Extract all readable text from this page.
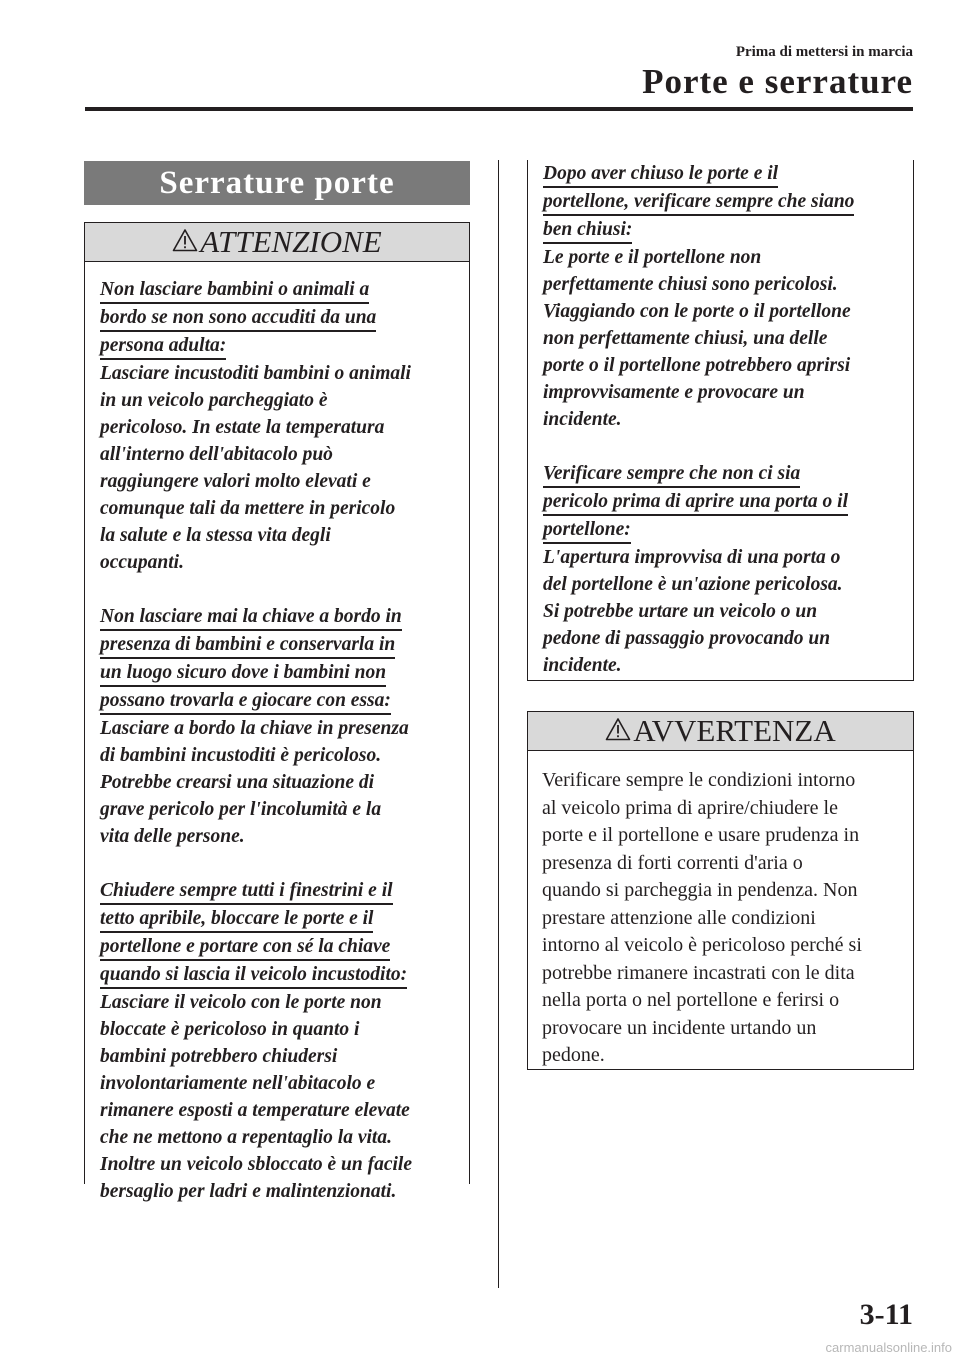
Prima di mettersi in marcia
Porte e serrature
Serrature porte
ATTENZIONE
Non lasciare bambini o animali a
bordo se non sono accuditi da una
persona adulta:
Lasciare incustoditi bambini o animali
in un veicolo parcheggiato è
pericoloso. In estate la temperatura
all'interno dell'abitacolo può
raggiungere valori molto elevati e
comunque tali da mettere in pericolo
la salute e la stessa vita degli
occupanti.
Non lasciare mai la chiave a bordo in
presenza di bambini e conservarla in
un luogo sicuro dove i bambini non
possano trovarla e giocare con essa:
Lasciare a bordo la chiave in presenza
di bambini incustoditi è pericoloso.
Potrebbe crearsi una situazione di
grave pericolo per l'incolumità e la
vita delle persone.
Chiudere sempre tutti i finestrini e il
tetto apribile, bloccare le porte e il
portellone e portare con sé la chiave
quando si lascia il veicolo incustodito:
Lasciare il veicolo con le porte non
bloccate è pericoloso in quanto i
bambini potrebbero chiudersi
involontariamente nell'abitacolo e
rimanere esposti a temperature elevate
che ne mettono a repentaglio la vita.
Inoltre un veicolo sbloccato è un facile
bersaglio per ladri e malintenzionati.
Dopo aver chiuso le porte e il
portellone, verificare sempre che siano
ben chiusi:
Le porte e il portellone non
perfettamente chiusi sono pericolosi.
Viaggiando con le porte o il portellone
non perfettamente chiusi, una delle
porte o il portellone potrebbero aprirsi
improvvisamente e provocare un
incidente.
Verificare sempre che non ci sia
pericolo prima di aprire una porta o il
portellone:
L'apertura improvvisa di una porta o
del portellone è un'azione pericolosa.
Si potrebbe urtare un veicolo o un
pedone di passaggio provocando un
incidente.
AVVERTENZA
Verificare sempre le condizioni intorno
al veicolo prima di aprire/chiudere le
porte e il portellone e usare prudenza in
presenza di forti correnti d'aria o
quando si parcheggia in pendenza. Non
prestare attenzione alle condizioni
intorno al veicolo è pericoloso perché si
potrebbe rimanere incastrati con le dita
nella porta o nel portellone e ferirsi o
provocare un incidente urtando un
pedone.
3-11
carmanualsonline.info
